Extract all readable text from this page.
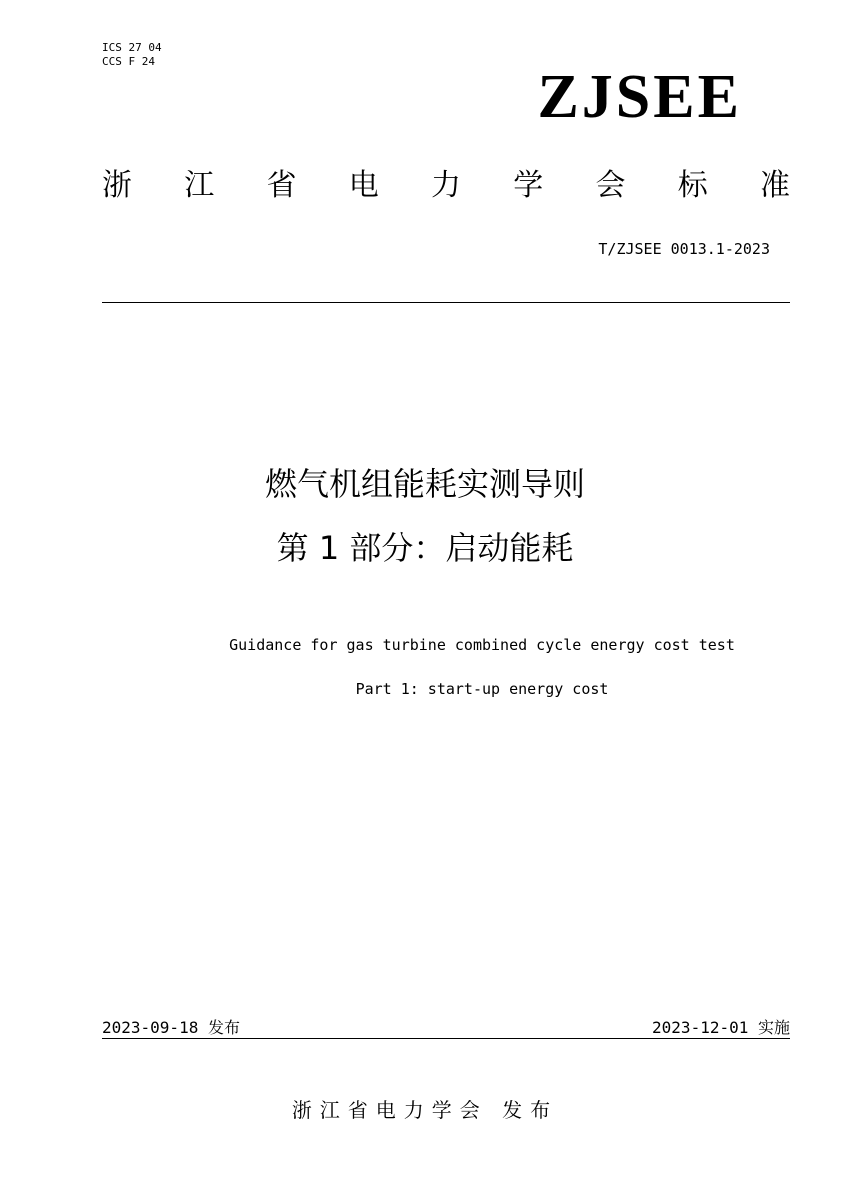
ICS 27 04
CCS F 24
ZJSEE
浙 江 省 电 力 学 会 标 准
T/ZJSEE 0013.1-2023
燃气机组能耗实测导则
第 1 部分：启动能耗
Guidance for gas turbine combined cycle energy cost test
Part 1: start-up energy cost
2023-09-18 发布	2023-12-01 实施
浙江省电力学会 发布
